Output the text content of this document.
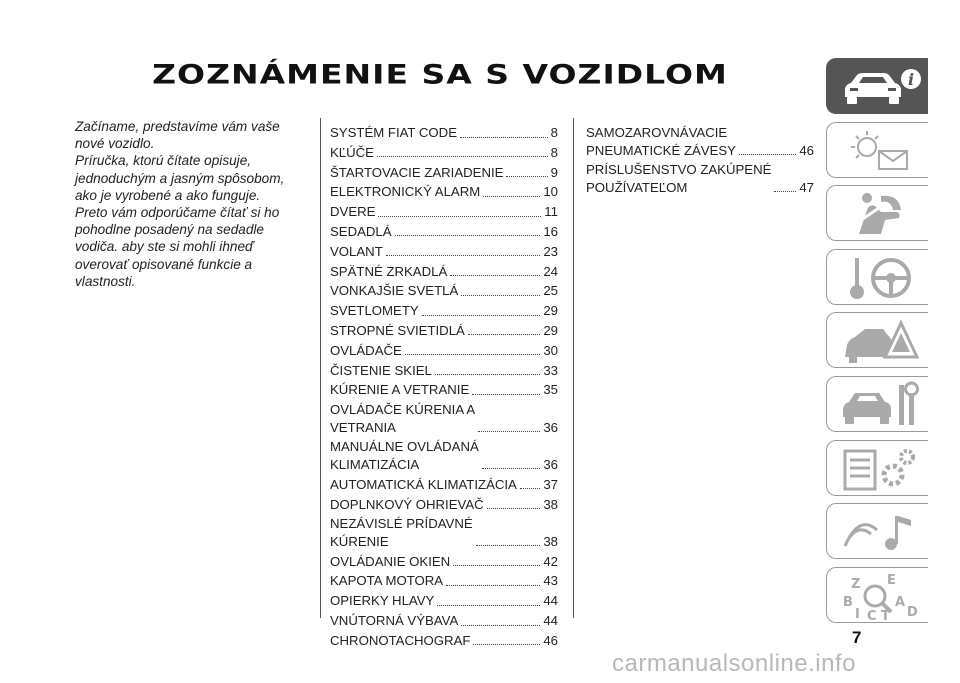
ZOZNÁMENIE SA S VOZIDLOM

Začíname, predstavíme vám vaše nové vozidlo.

Príručka, ktorú čítate opisuje, jednoduchým a jasným spôsobom, ako je vyrobené a ako funguje.

Preto vám odporúčame čítať si ho pohodlne posadený na sedadle vodiča. aby ste si mohli ihneď overovať opisované funkcie a vlastnosti.

SYSTÉM FIAT CODE	8
KĽÚČE	8
ŠTARTOVACIE ZARIADENIE	9
ELEKTRONICKÝ ALARM	10
DVERE	11
SEDADLÁ	16
VOLANT	23
SPÄTNÉ ZRKADLÁ	24
VONKAJŠIE SVETLÁ	25
SVETLOMETY	29
STROPNÉ SVIETIDLÁ	29
OVLÁDAČE	30
ČISTENIE SKIEL	33
KÚRENIE A VETRANIE	35
OVLÁDAČE KÚRENIA A
VETRANIA	36
MANUÁLNE OVLÁDANÁ
KLIMATIZÁCIA	36
AUTOMATICKÁ KLIMATIZÁCIA 37
DOPLNKOVÝ OHRIEVAČ	38
NEZÁVISLÉ PRÍDAVNÉ
KÚRENIE	38
OVLÁDANIE OKIEN	42
KAPOTA MOTORA	43
OPIERKY HLAVY	44
VNÚTORNÁ VÝBAVA	44
CHRONOTACHOGRAF	46
SAMOZAROVNÁVACIE
PNEUMATICKÉ ZÁVESY	46
PRÍSLUŠENSTVO ZAKÚPENÉ
POUŽÍVATEĽOM	47
i
Z E
B	A
I C T D
7
carmanualsonline.info
